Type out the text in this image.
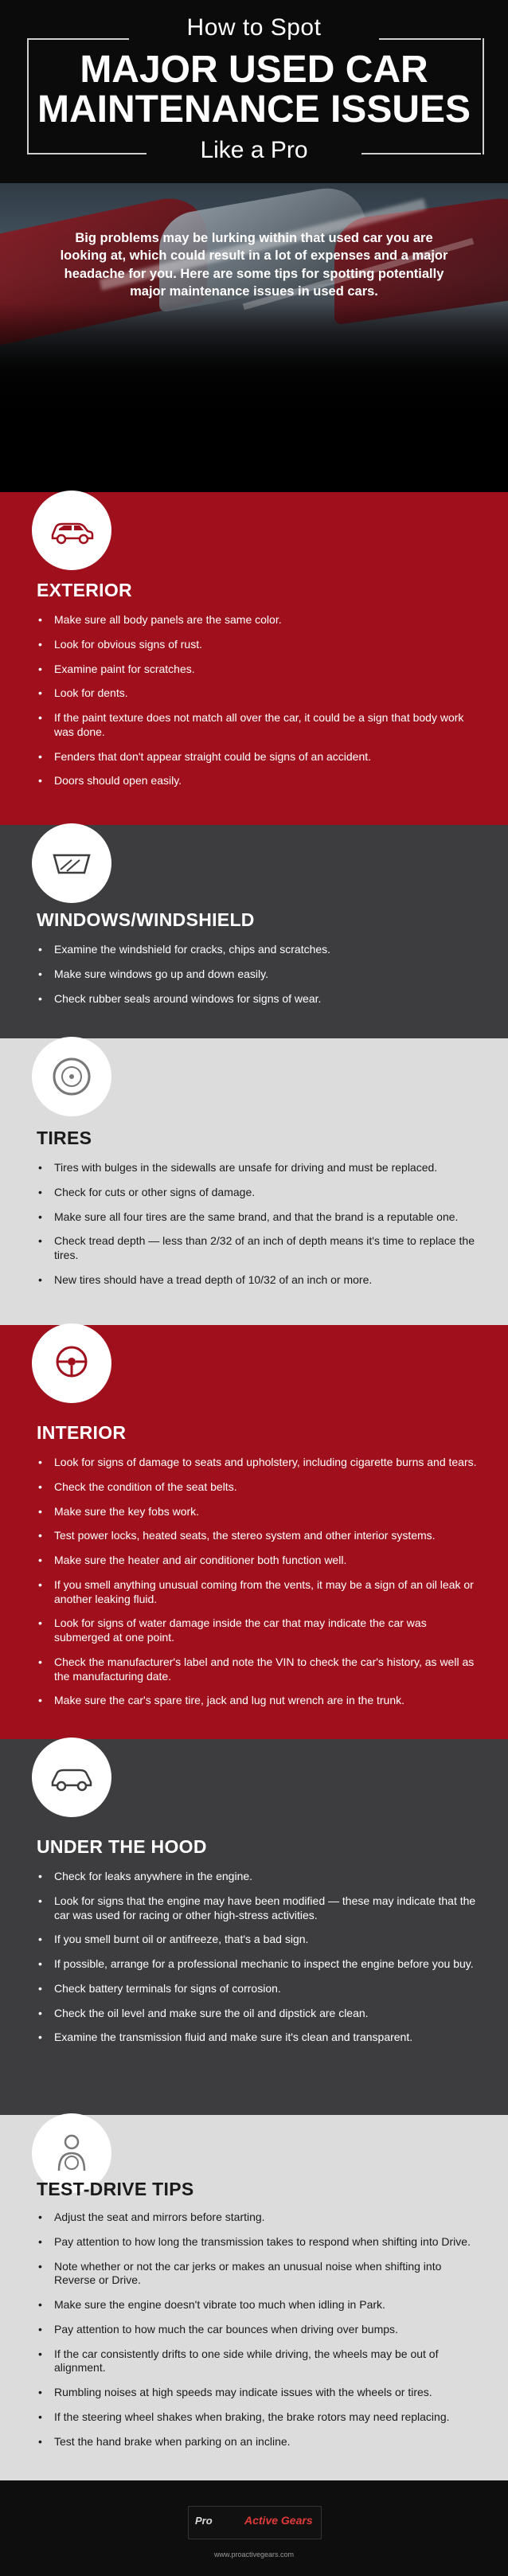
How to Spot
MAJOR USED CAR
MAINTENANCE ISSUES
Like a Pro
Big problems may be lurking within that used car you are looking at, which could result in a lot of expenses and a major headache for you. Here are some tips for spotting potentially major maintenance issues in used cars.
EXTERIOR
• Make sure all body panels are the same color.
• Look for obvious signs of rust.
• Examine paint for scratches.
• Look for dents.
• If the paint texture does not match all over the car, it could be a sign that body work was done.
• Fenders that don't appear straight could be signs of an accident.
• Doors should open easily.
WINDOWS/WINDSHIELD
• Examine the windshield for cracks, chips and scratches.
• Make sure windows go up and down easily.
• Check rubber seals around windows for signs of wear.
TIRES
• Tires with bulges in the sidewalls are unsafe for driving and must be replaced.
• Check for cuts or other signs of damage.
• Make sure all four tires are the same brand, and that the brand is a reputable one.
• Check tread depth — less than 2/32 of an inch of depth means it's time to replace the tires.
• New tires should have a tread depth of 10/32 of an inch or more.
INTERIOR
• Look for signs of damage to seats and upholstery, including cigarette burns and tears.
• Check the condition of the seat belts.
• Make sure the key fobs work.
• Test power locks, heated seats, the stereo system and other interior systems.
• Make sure the heater and air conditioner both function well.
• If you smell anything unusual coming from the vents, it may be a sign of an oil leak or another leaking fluid.
• Look for signs of water damage inside the car that may indicate the car was submerged at one point.
• Check the manufacturer's label and note the VIN to check the car's history, as well as the manufacturing date.
• Make sure the car's spare tire, jack and lug nut wrench are in the trunk.
UNDER THE HOOD
• Check for leaks anywhere in the engine.
• Look for signs that the engine may have been modified — these may indicate that the car was used for racing or other high-stress activities.
• If you smell burnt oil or antifreeze, that's a bad sign.
• If possible, arrange for a professional mechanic to inspect the engine before you buy.
• Check battery terminals for signs of corrosion.
• Check the oil level and make sure the oil and dipstick are clean.
• Examine the transmission fluid and make sure it's clean and transparent.
TEST-DRIVE TIPS
• Adjust the seat and mirrors before starting.
• Pay attention to how long the transmission takes to respond when shifting into Drive.
• Note whether or not the car jerks or makes an unusual noise when shifting into Reverse or Drive.
• Make sure the engine doesn't vibrate too much when idling in Park.
• Pay attention to how much the car bounces when driving over bumps.
• If the car consistently drifts to one side while driving, the wheels may be out of alignment.
• Rumbling noises at high speeds may indicate issues with the wheels or tires.
• If the steering wheel shakes when braking, the brake rotors may need replacing.
• Test the hand brake when parking on an incline.
Pro	Active Gears
www.proactivegears.com
